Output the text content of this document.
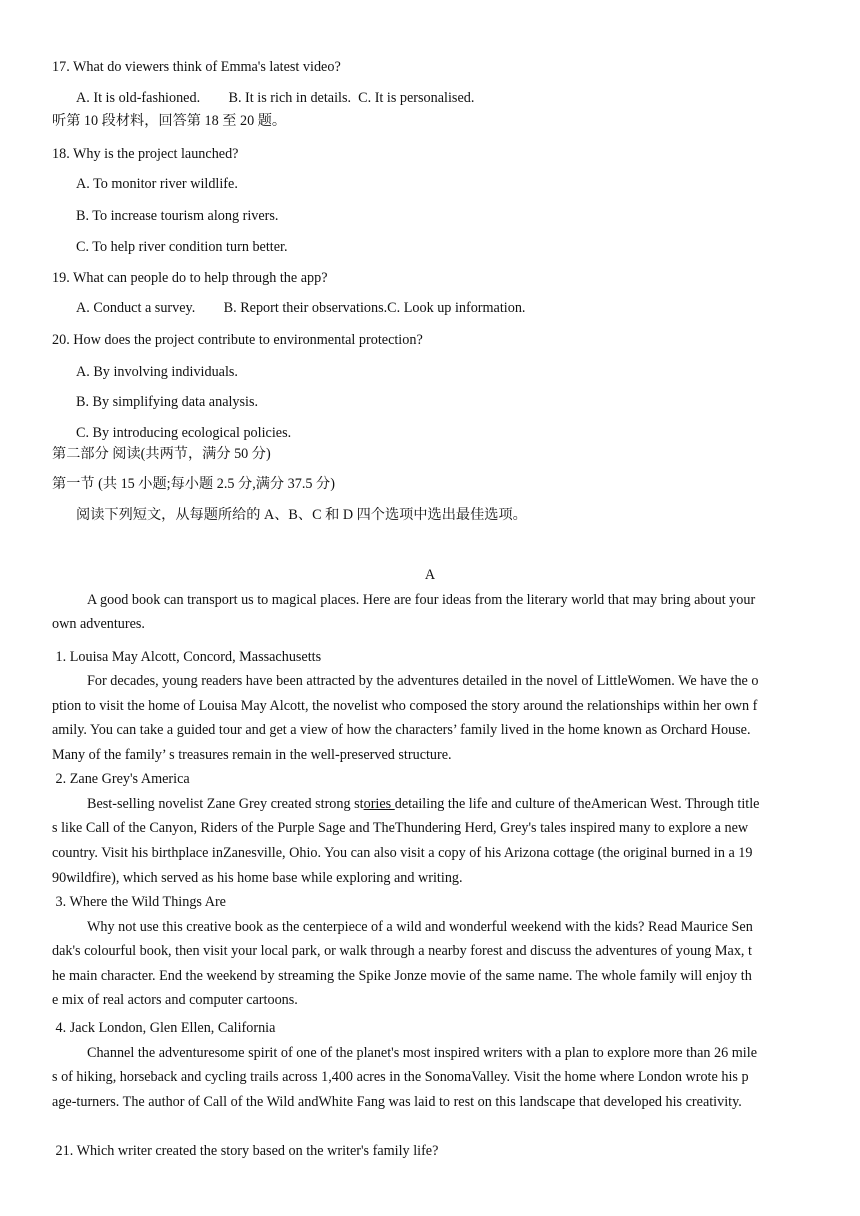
17. What do viewers think of Emma's latest video?
A. It is old-fashioned.        B. It is rich in details.  C. It is personalised.
听第 10 段材料，回答第 18 至 20 题。
18. Why is the project launched?
A. To monitor river wildlife.
B. To increase tourism along rivers.
C. To help river condition turn better.
19. What can people do to help through the app?
A. Conduct a survey.        B. Report their observations.C. Look up information.
20. How does the project contribute to environmental protection?
A. By involving individuals.
B. By simplifying data analysis.
C. By introducing ecological policies.
第二部分 阅读(共两节，满分 50 分)
第一节 (共 15 小题;每小题 2.5 分,满分 37.5 分)
阅读下列短文，从每题所给的 A、B、C 和 D 四个选项中选出最佳选项。
A
A good book can transport us to magical places. Here are four ideas from the literary world that may bring about your
own adventures.
1. Louisa May Alcott, Concord, Massachusetts
For decades, young readers have been attracted by the adventures detailed in the novel of LittleWomen. We have the o
ption to visit the home of Louisa May Alcott, the novelist who composed the story around the relationships within her own f
amily. You can take a guided tour and get a view of how the characters’ family lived in the home known as Orchard House.
Many of the family’ s treasures remain in the well-preserved structure.
2. Zane Grey's America
Best-selling novelist Zane Grey created strong stories detailing the life and culture of theAmerican West. Through title
s like Call of the Canyon, Riders of the Purple Sage and TheThundering Herd, Grey's tales inspired many to explore a new
country. Visit his birthplace inZanesville, Ohio. You can also visit a copy of his Arizona cottage (the original burned in a 19
90wildfire), which served as his home base while exploring and writing.
3. Where the Wild Things Are
Why not use this creative book as the centerpiece of a wild and wonderful weekend with the kids? Read Maurice Sen
dak's colourful book, then visit your local park, or walk through a nearby forest and discuss the adventures of young Max, t
he main character. End the weekend by streaming the Spike Jonze movie of the same name. The whole family will enjoy th
e mix of real actors and computer cartoons.
4. Jack London, Glen Ellen, California
Channel the adventuresome spirit of one of the planet's most inspired writers with a plan to explore more than 26 mile
s of hiking, horseback and cycling trails across 1,400 acres in the SonomaValley. Visit the home where London wrote his p
age-turners. The author of Call of the Wild andWhite Fang was laid to rest on this landscape that developed his creativity.
21. Which writer created the story based on the writer's family life?
